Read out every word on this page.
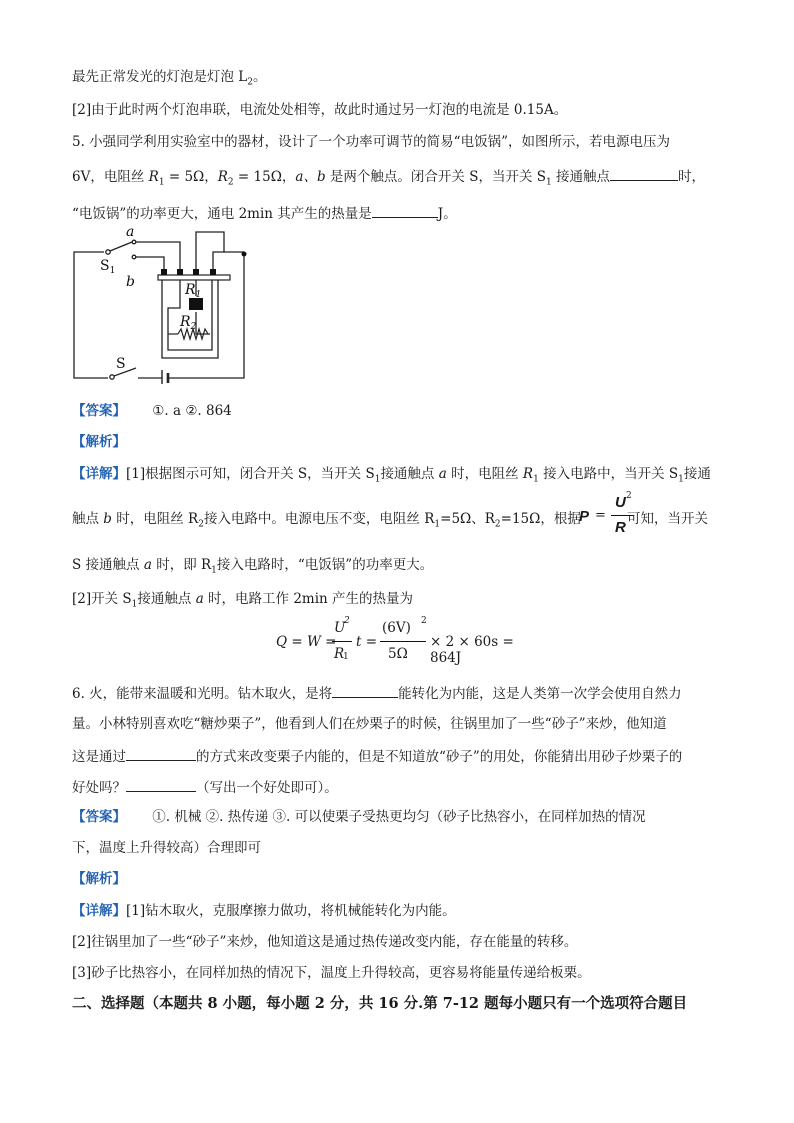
最先正常发光的灯泡是灯泡 $L_2$。
[2]由于此时两个灯泡串联，电流处处相等，故此时通过另一灯泡的电流是 0.15A。
5. 小强同学利用实验室中的器材，设计了一个功率可调节的简易“电饭锅”，如图所示，若电源电压为
6V，电阻丝 $R_1 = 5\Omega$，$R_2 = 15\Omega$，a、b 是两个触点。闭合开关 S，当开关 $S_1$ 接通触点	时，
“电饭锅”的功率更大，通电 2min 其产生的热量是	J。
a
b
$S_1$
$R_1$
$R_2$
S
【答案】 ①. a ②. 864
【解析】
【详解】[1]根据图示可知，闭合开关 S，当开关 $S_1$接通触点 a 时，电阻丝 $R_1$ 接入电路中，当开关 $S_1$接通
触点 b 时，电阻丝 $R_2$接入电路中。电源电压不变，电阻丝 $R_1=5\Omega$、$R_2=15\Omega$，根据
P =
U 2
R 可知，当开关
S 接通触点 a 时，即 $R_1$接入电路时，“电饭锅”的功率更大。
[2]开关 $S_1$接通触点 a 时，电路工作 2min 产生的热量为
Q = W =
U
2
R
1
t =
(6V) 2
5Ω
× 2 × 60s = 864J
6. 火，能带来温暖和光明。钻木取火，是将	能转化为内能，这是人类第一次学会使用自然力
量。小林特别喜欢吃“糖炒栗子”，他看到人们在炒栗子的时候，往锅里加了一些“砂子”来炒，他知道
这是通过	的方式来改变栗子内能的，但是不知道放“砂子”的用处，你能猜出用砂子炒栗子的
好处吗？	（写出一个好处即可）。
【答案】 ①. 机械 ②. 热传递 ③. 可以使栗子受热更均匀（砂子比热容小，在同样加热的情况
下，温度上升得较高）合理即可
【解析】
【详解】[1]钻木取火，克服摩擦力做功，将机械能转化为内能。
[2]往锅里加了一些“砂子”来炒，他知道这是通过热传递改变内能，存在能量的转移。
[3]砂子比热容小，在同样加热的情况下，温度上升得较高，更容易将能量传递给板栗。
二、选择题（本题共 8 小题，每小题 2 分，共 16 分.第 7-12 题每小题只有一个选项符合题目
